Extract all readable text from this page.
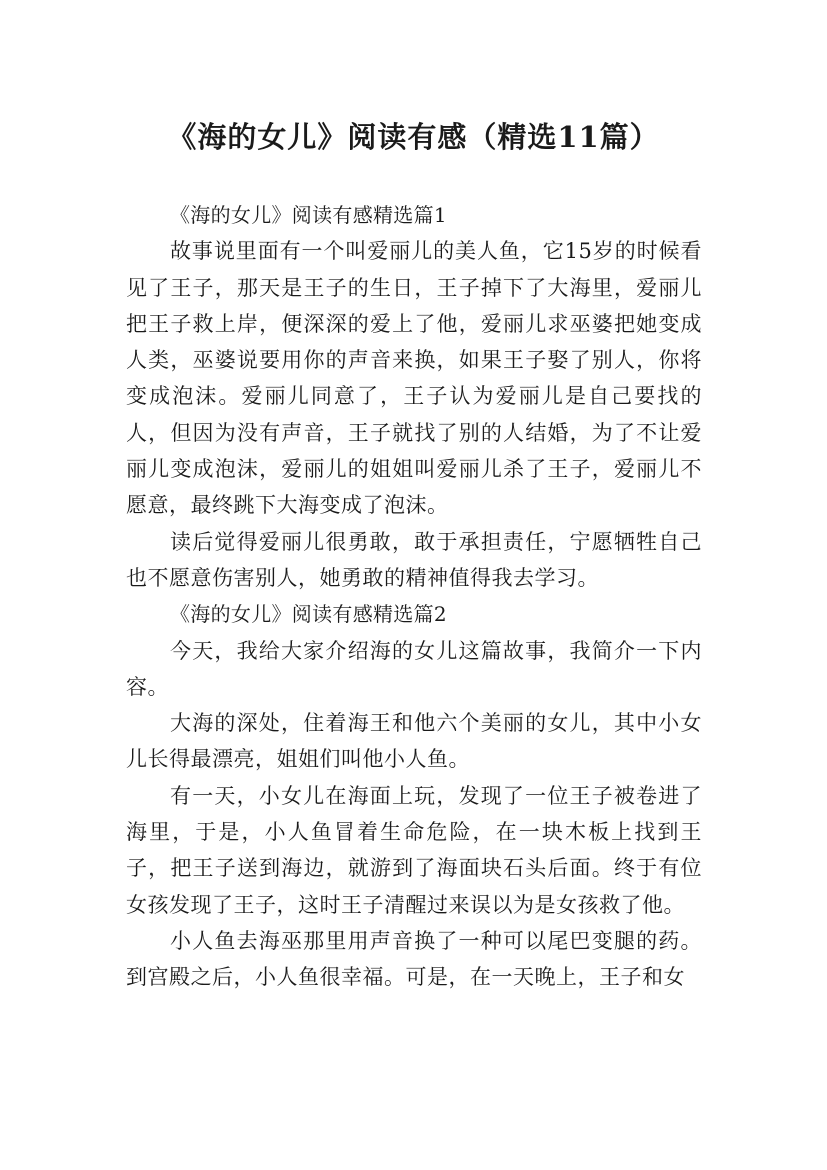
《海的女儿》阅读有感（精选11篇）

《海的女儿》阅读有感精选篇1

故事说里面有一个叫爱丽儿的美人鱼，它15岁的时候看见了王子，那天是王子的生日，王子掉下了大海里，爱丽儿把王子救上岸，便深深的爱上了他，爱丽儿求巫婆把她变成人类，巫婆说要用你的声音来换，如果王子娶了别人，你将变成泡沫。爱丽儿同意了，王子认为爱丽儿是自己要找的人，但因为没有声音，王子就找了别的人结婚，为了不让爱丽儿变成泡沫，爱丽儿的姐姐叫爱丽儿杀了王子，爱丽儿不愿意，最终跳下大海变成了泡沫。

读后觉得爱丽儿很勇敢，敢于承担责任，宁愿牺牲自己也不愿意伤害别人，她勇敢的精神值得我去学习。

《海的女儿》阅读有感精选篇2

今天，我给大家介绍海的女儿这篇故事，我简介一下内容。

大海的深处，住着海王和他六个美丽的女儿，其中小女儿长得最漂亮，姐姐们叫他小人鱼。

有一天，小女儿在海面上玩，发现了一位王子被卷进了海里，于是，小人鱼冒着生命危险，在一块木板上找到王子，把王子送到海边，就游到了海面块石头后面。终于有位女孩发现了王子，这时王子清醒过来误以为是女孩救了他。

小人鱼去海巫那里用声音换了一种可以尾巴变腿的药。到宫殿之后，小人鱼很幸福。可是，在一天晚上，王子和女
